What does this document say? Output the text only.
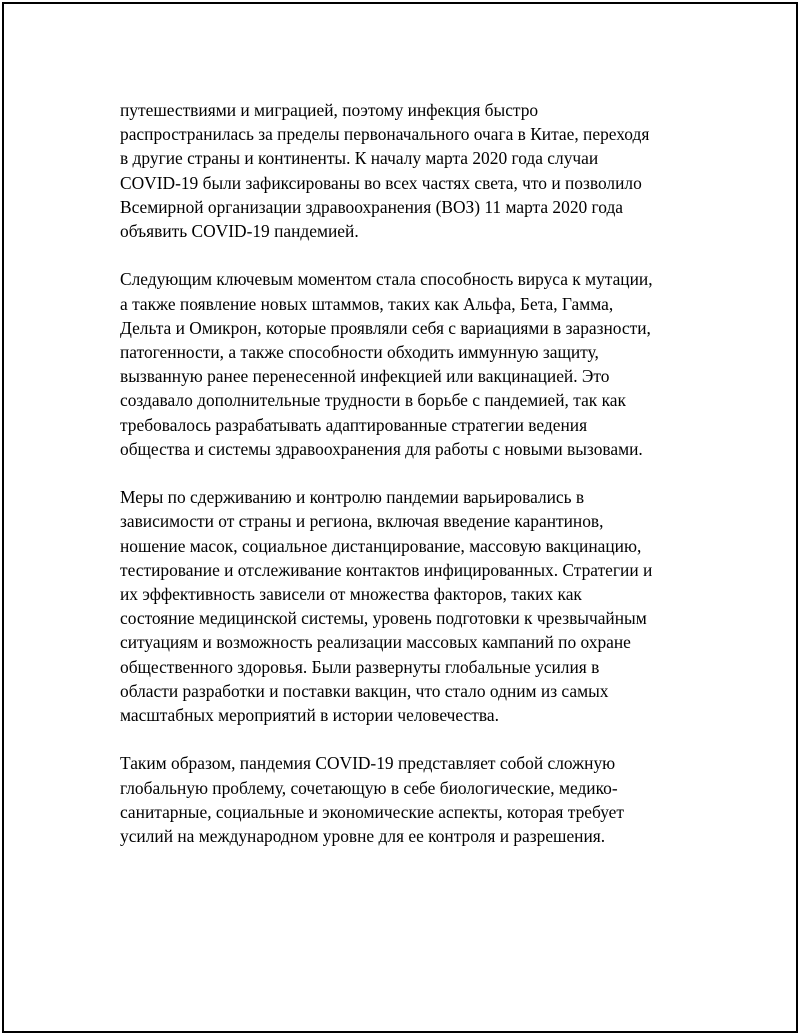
путешествиями и миграцией, поэтому инфекция быстро
распространилась за пределы первоначального очага в Китае, переходя
в другие страны и континенты. К началу марта 2020 года случаи
COVID-19 были зафиксированы во всех частях света, что и позволило
Всемирной организации здравоохранения (ВОЗ) 11 марта 2020 года
объявить COVID-19 пандемией.

Следующим ключевым моментом стала способность вируса к мутации,
а также появление новых штаммов, таких как Альфа, Бета, Гамма,
Дельта и Омикрон, которые проявляли себя с вариациями в заразности,
патогенности, а также способности обходить иммунную защиту,
вызванную ранее перенесенной инфекцией или вакцинацией. Это
создавало дополнительные трудности в борьбе с пандемией, так как
требовалось разрабатывать адаптированные стратегии ведения
общества и системы здравоохранения для работы с новыми вызовами.

Меры по сдерживанию и контролю пандемии варьировались в
зависимости от страны и региона, включая введение карантинов,
ношение масок, социальное дистанцирование, массовую вакцинацию,
тестирование и отслеживание контактов инфицированных. Стратегии и
их эффективность зависели от множества факторов, таких как
состояние медицинской системы, уровень подготовки к чрезвычайным
ситуациям и возможность реализации массовых кампаний по охране
общественного здоровья. Были развернуты глобальные усилия в
области разработки и поставки вакцин, что стало одним из самых
масштабных мероприятий в истории человечества.

Таким образом, пандемия COVID-19 представляет собой сложную
глобальную проблему, сочетающую в себе биологические, медико-
санитарные, социальные и экономические аспекты, которая требует
усилий на международном уровне для ее контроля и разрешения.
